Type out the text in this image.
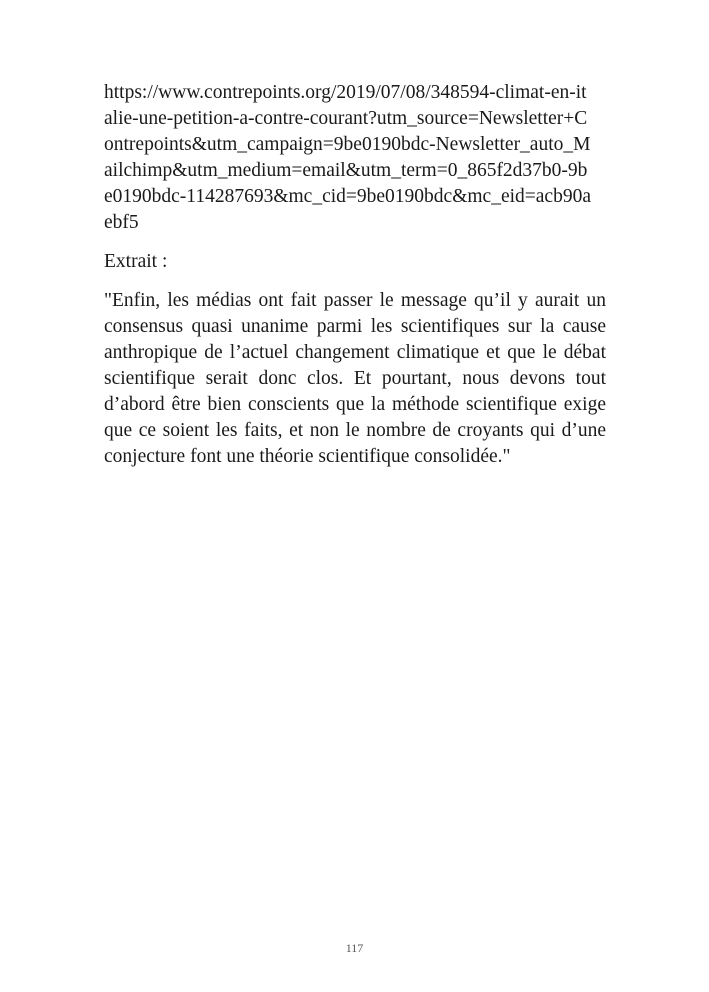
https://www.contrepoints.org/2019/07/08/348594-climat-en-it
alie-une-petition-a-contre-courant?utm_source=Newsletter+C
ontrepoints&utm_campaign=9be0190bdc-Newsletter_auto_M
ailchimp&utm_medium=email&utm_term=0_865f2d37b0-9b
e0190bdc-114287693&mc_cid=9be0190bdc&mc_eid=acb90a
ebf5
Extrait :

"Enfin, les médias ont fait passer le message qu’il y aurait un consensus quasi unanime parmi les scientifiques sur la cause anthropique de l’actuel changement climatique et que le débat scientifique serait donc clos. Et pourtant, nous devons tout d’abord être bien conscients que la méthode scientifique exige que ce soient les faits, et non le nombre de croyants qui d’une conjecture font une théorie scientifique consolidée."

117
